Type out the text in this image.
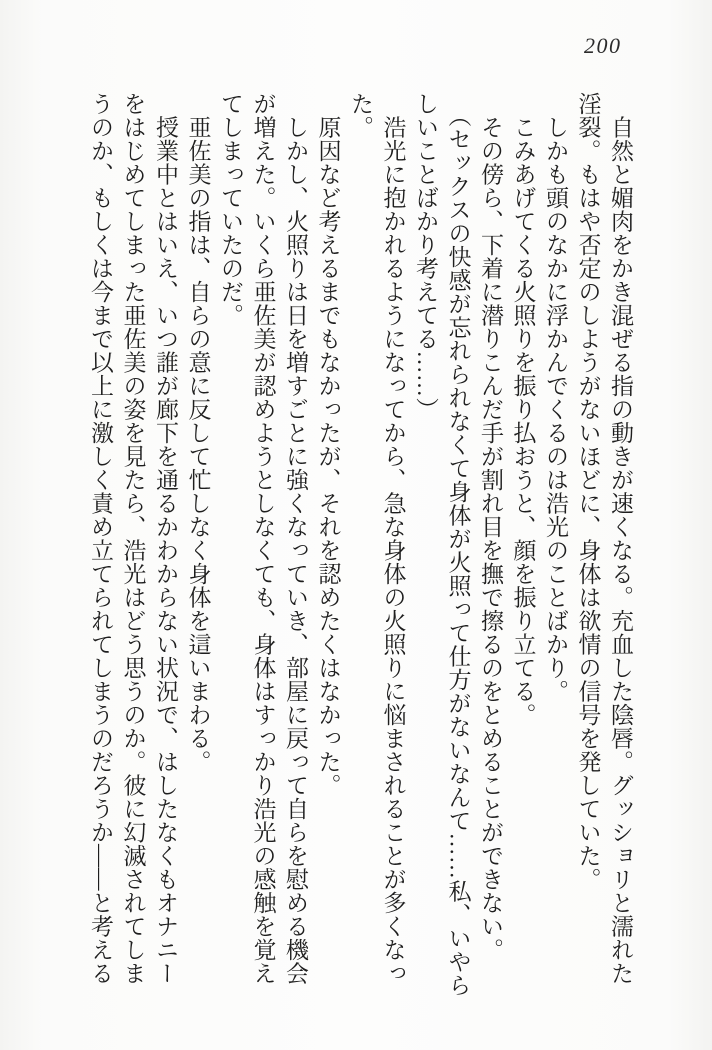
200
　自然と媚肉をかき混ぜる指の動きが速くなる。充血した陰唇。グッショリと濡れた
淫裂。もはや否定のしようがないほどに、身体は欲情の信号を発していた。
　しかも頭のなかに浮かんでくるのは浩光のことばかり。
　こみあげてくる火照りを振り払おうと、顔を振り立てる。
　その傍ら、下着に潜りこんだ手が割れ目を撫で擦るのをとめることができない。
　（セックスの快感が忘れられなくて身体が火照って仕方がないなんて……私、いやら
しいことばかり考えてる……）
　浩光に抱かれるようになってから、急な身体の火照りに悩まされることが多くなっ
た。
　原因など考えるまでもなかったが、それを認めたくはなかった。
　しかし、火照りは日を増すごとに強くなっていき、部屋に戻って自らを慰める機会
が増えた。いくら亜佐美が認めようとしなくても、身体はすっかり浩光の感触を覚え
てしまっていたのだ。
　亜佐美の指は、自らの意に反して忙しなく身体を這いまわる。
　授業中とはいえ、いつ誰が廊下を通るかわからない状況で、はしたなくもオナニー
をはじめてしまった亜佐美の姿を見たら、浩光はどう思うのか。彼に幻滅されてしま
うのか、もしくは今まで以上に激しく責め立てられてしまうのだろうか——と考える
